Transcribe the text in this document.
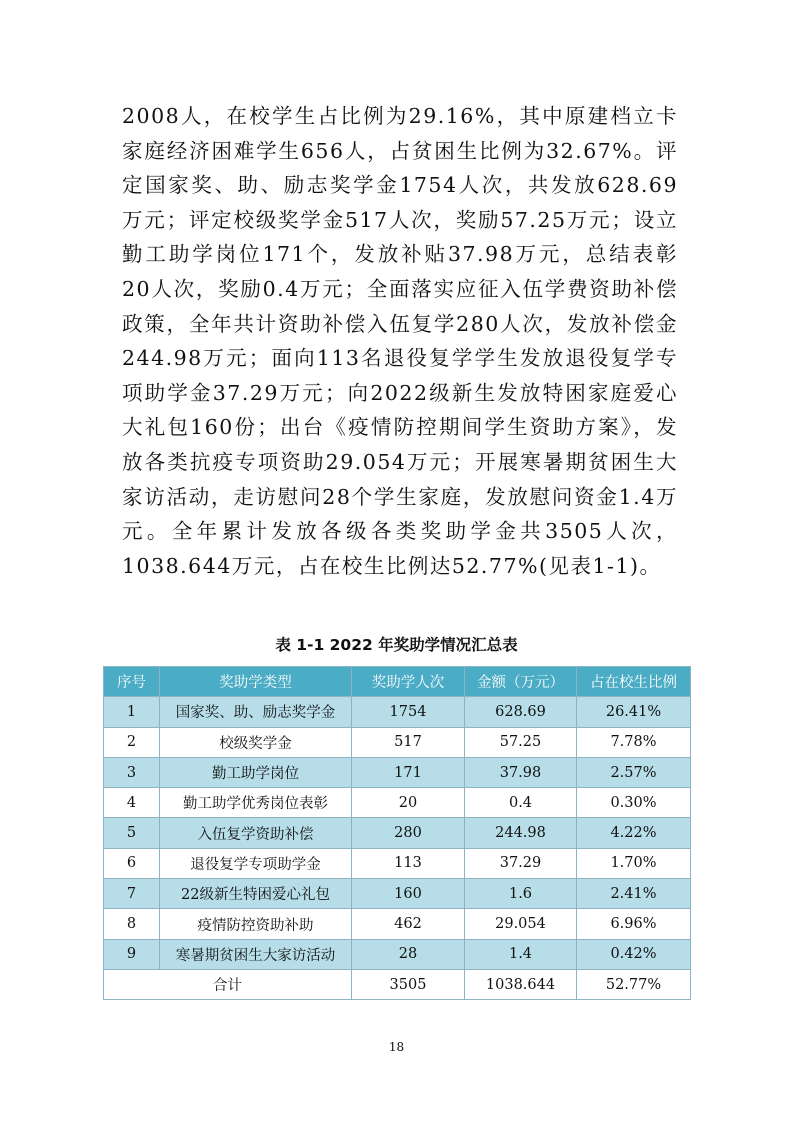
2008人，在校学生占比例为29.16%，其中原建档立卡家庭经济困难学生656人，占贫困生比例为32.67%。评定国家奖、助、励志奖学金1754人次，共发放628.69万元；评定校级奖学金517人次，奖励57.25万元；设立勤工助学岗位171个，发放补贴37.98万元，总结表彰20人次，奖励0.4万元；全面落实应征入伍学费资助补偿政策，全年共计资助补偿入伍复学280人次，发放补偿金244.98万元；面向113名退役复学学生发放退役复学专项助学金37.29万元；向2022级新生发放特困家庭爱心大礼包160份；出台《疫情防控期间学生资助方案》，发放各类抗疫专项资助29.054万元；开展寒暑期贫困生大家访活动，走访慰问28个学生家庭，发放慰问资金1.4万元。全年累计发放各级各类奖助学金共3505人次，1038.644万元，占在校生比例达52.77%(见表1-1)。

表 1-1 2022 年奖助学情况汇总表
序号	奖助学类型	奖助学人次	金额（万元）	占在校生比例
1	国家奖、助、励志奖学金	1754	628.69	26.41%
2	校级奖学金	517	57.25	7.78%
3	勤工助学岗位	171	37.98	2.57%
4	勤工助学优秀岗位表彰	20	0.4	0.30%
5	入伍复学资助补偿	280	244.98	4.22%
6	退役复学专项助学金	113	37.29	1.70%
7	22级新生特困爱心礼包	160	1.6	2.41%
8	疫情防控资助补助	462	29.054	6.96%
9	寒暑期贫困生大家访活动	28	1.4	0.42%
合计		3505	1038.644	52.77%
18
